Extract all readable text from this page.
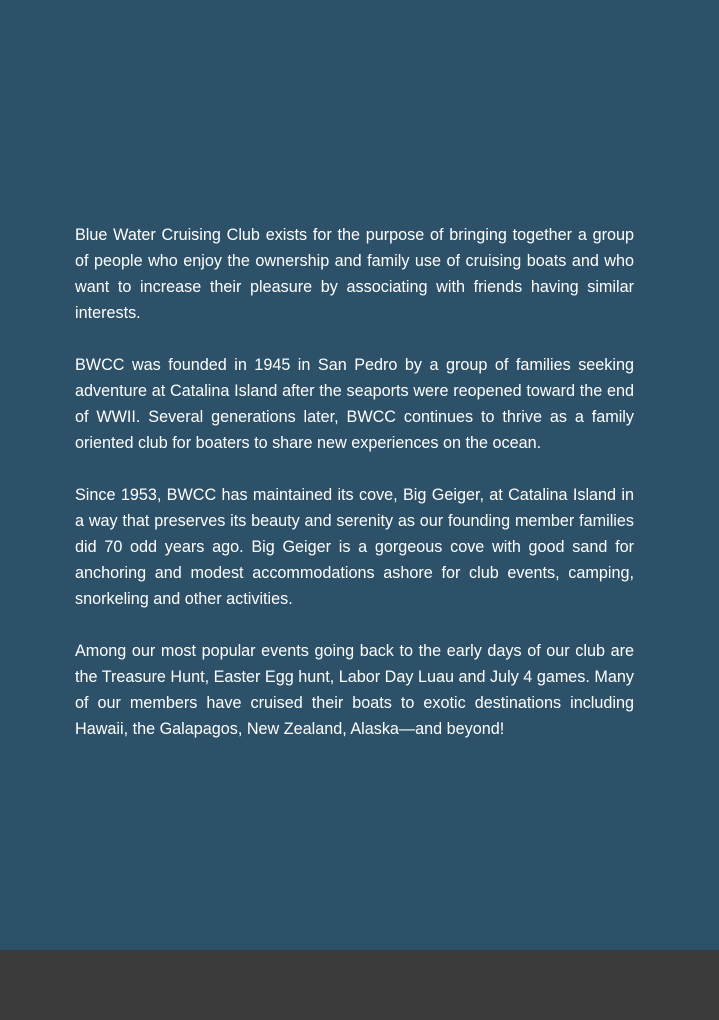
Blue Water Cruising Club exists for the purpose of bringing together a group of people who enjoy the ownership and family use of cruising boats and who want to increase their pleasure by associating with friends having similar interests.

BWCC was founded in 1945 in San Pedro by a group of families seeking adventure at Catalina Island after the seaports were reopened toward the end of WWII. Several generations later, BWCC continues to thrive as a family oriented club for boaters to share new experiences on the ocean.

Since 1953, BWCC has maintained its cove, Big Geiger, at Catalina Island in a way that preserves its beauty and serenity as our founding member families did 70 odd years ago. Big Geiger is a gorgeous cove with good sand for anchoring and modest accommodations ashore for club events, camping, snorkeling and other activities.

Among our most popular events going back to the early days of our club are the Treasure Hunt, Easter Egg hunt, Labor Day Luau and July 4 games. Many of our members have cruised their boats to exotic destinations including Hawaii, the Galapagos, New Zealand, Alaska—and beyond!
